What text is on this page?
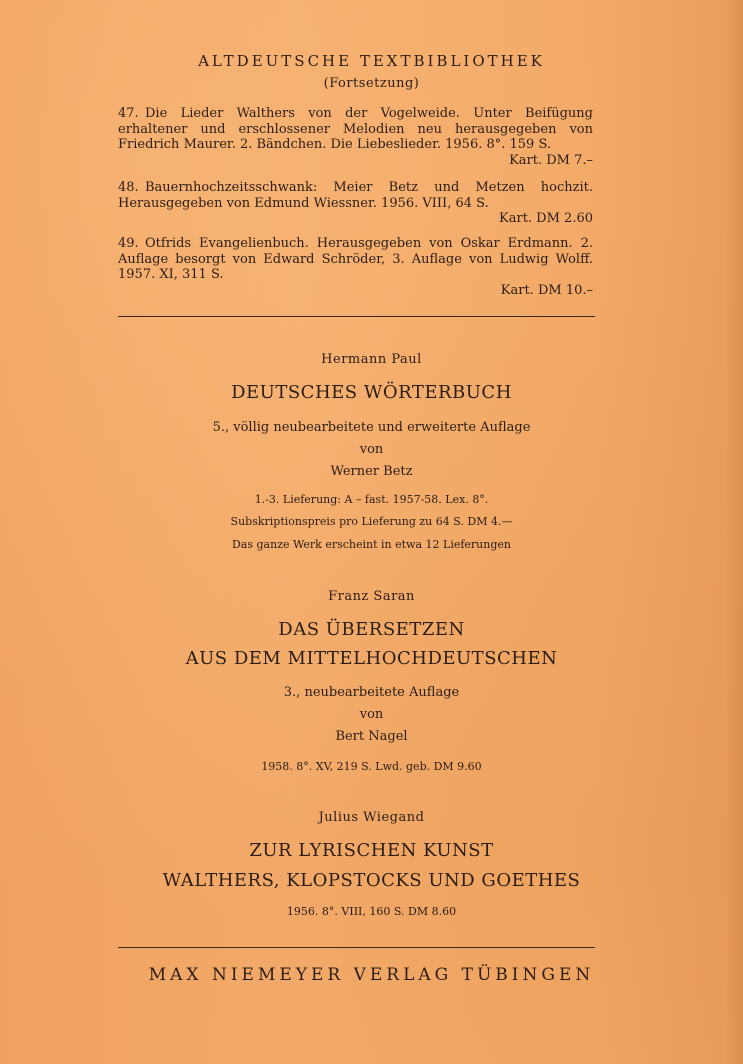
ALTDEUTSCHE TEXTBIBLIOTHEK
(Fortsetzung)
47. Die Lieder Walthers von der Vogelweide. Unter Beifügung erhaltener und erschlossener Melodien neu herausgegeben von Friedrich Maurer. 2. Bändchen. Die Liebeslieder. 1956. 8°. 159 S.
Kart. DM 7.–
48. Bauernhochzeitsschwank: Meier Betz und Metzen hochzit. Herausgegeben von Edmund Wiessner. 1956. VIII, 64 S.
Kart. DM 2.60
49. Otfrids Evangelienbuch. Herausgegeben von Oskar Erdmann. 2. Auflage besorgt von Edward Schröder, 3. Auflage von Ludwig Wolff. 1957. XI, 311 S.
Kart. DM 10.–
Hermann Paul
DEUTSCHES WÖRTERBUCH
5., völlig neubearbeitete und erweiterte Auflage
von
Werner Betz
1.-3. Lieferung: A – fast. 1957-58. Lex. 8°.
Subskriptionspreis pro Lieferung zu 64 S. DM 4.—
Das ganze Werk erscheint in etwa 12 Lieferungen
Franz Saran
DAS ÜBERSETZEN
AUS DEM MITTELHOCHDEUTSCHEN
3., neubearbeitete Auflage
von
Bert Nagel
1958. 8°. XV, 219 S. Lwd. geb. DM 9.60
Julius Wiegand
ZUR LYRISCHEN KUNST
WALTHERS, KLOPSTOCKS UND GOETHES
1956. 8°. VIII, 160 S. DM 8.60
MAX NIEMEYER VERLAG TÜBINGEN
